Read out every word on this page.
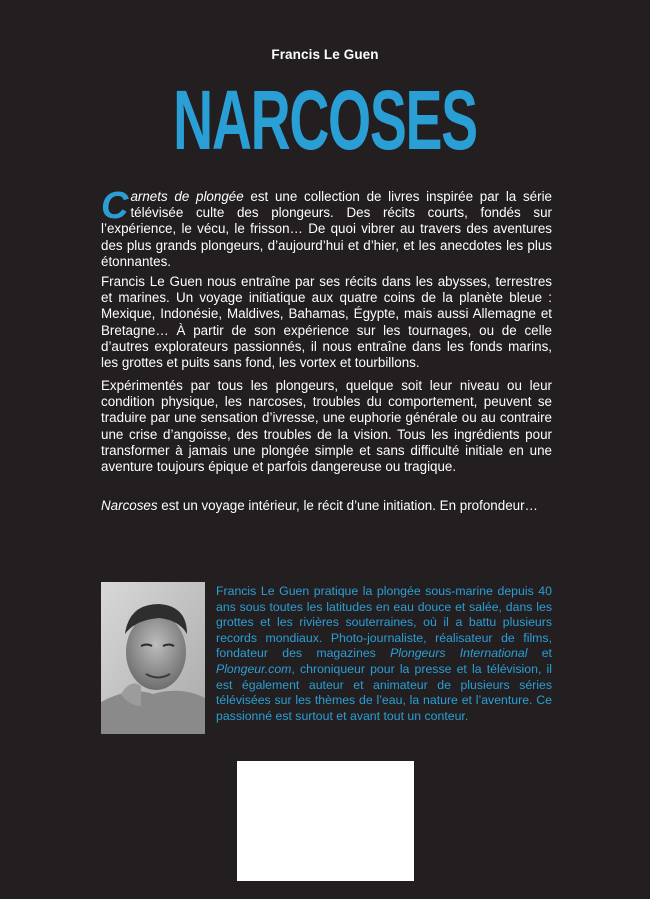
Francis Le Guen
NARCOSES
Carnets de plongée est une collection de livres inspirée par la série télévisée culte des plongeurs. Des récits courts, fondés sur l’expérience, le vécu, le frisson… De quoi vibrer au travers des aventures des plus grands plongeurs, d’aujourd’hui et d’hier, et les anecdotes les plus étonnantes.
Francis Le Guen nous entraîne par ses récits dans les abysses, terrestres et marines. Un voyage initiatique aux quatre coins de la planète bleue : Mexique, Indonésie, Maldives, Bahamas, Égypte, mais aussi Allemagne et Bretagne… À partir de son expérience sur les tournages, ou de celle d’autres explorateurs passionnés, il nous entraîne dans les fonds marins, les grottes et puits sans fond, les vortex et tourbillons.
Expérimentés par tous les plongeurs, quelque soit leur niveau ou leur condition physique, les narcoses, troubles du comportement, peuvent se traduire par une sensation d’ivresse, une euphorie générale ou au contraire une crise d’angoisse, des troubles de la vision. Tous les ingrédients pour transformer à jamais une plongée simple et sans difficulté initiale en une aventure toujours épique et parfois dangereuse ou tragique.
Narcoses est un voyage intérieur, le récit d’une initiation. En profondeur…
Francis Le Guen pratique la plongée sous-marine depuis 40 ans sous toutes les latitudes en eau douce et salée, dans les grottes et les rivières souterraines, où il a battu plusieurs records mondiaux. Photo-journaliste, réalisateur de films, fondateur des magazines Plongeurs International et Plongeur.com, chroniqueur pour la presse et la télévision, il est également auteur et animateur de plusieurs séries télévisées sur les thèmes de l’eau, la nature et l’aventure. Ce passionné est surtout et avant tout un conteur.
